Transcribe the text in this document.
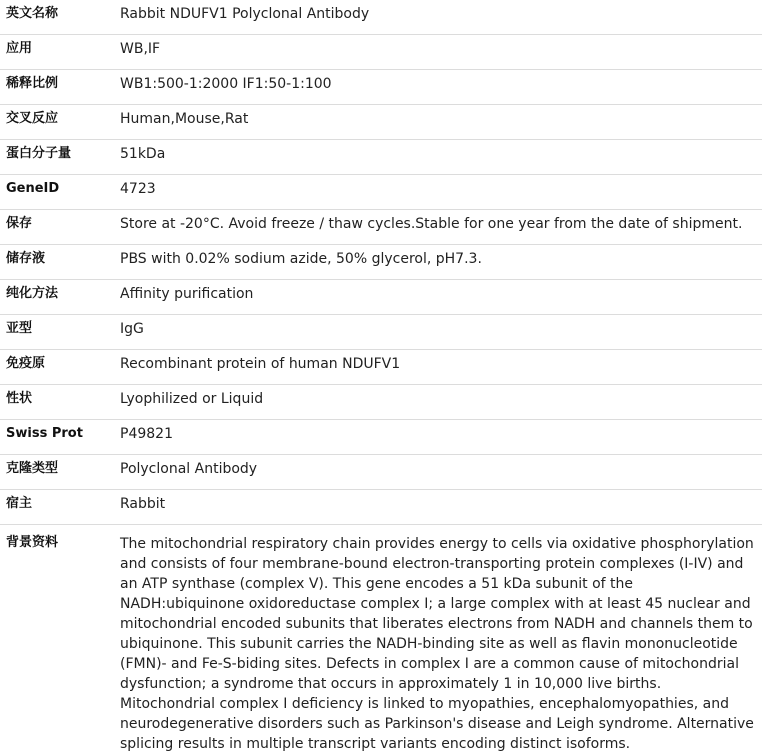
英文名称	Rabbit NDUFV1 Polyclonal Antibody

应用	WB,IF

稀释比例	WB1:500-1:2000 IF1:50-1:100

交叉反应	Human,Mouse,Rat

蛋白分子量	51kDa

GeneID	4723

保存	Store at -20°C. Avoid freeze / thaw cycles.Stable for one year from the date of shipment.

储存液	PBS with 0.02% sodium azide, 50% glycerol, pH7.3.

纯化方法	Affinity purification

亚型	IgG

免疫原	Recombinant protein of human NDUFV1

性状	Lyophilized or Liquid

Swiss Prot	P49821

克隆类型	Polyclonal Antibody

宿主	Rabbit

背景资料	The mitochondrial respiratory chain provides energy to cells via oxidative phosphorylation and consists of four membrane-bound electron-transporting protein complexes (I-IV) and an ATP synthase (complex V). This gene encodes a 51 kDa subunit of the NADH:ubiquinone oxidoreductase complex I; a large complex with at least 45 nuclear and mitochondrial encoded subunits that liberates electrons from NADH and channels them to ubiquinone. This subunit carries the NADH-binding site as well as flavin mononucleotide (FMN)- and Fe-S-biding sites. Defects in complex I are a common cause of mitochondrial dysfunction; a syndrome that occurs in approximately 1 in 10,000 live births. Mitochondrial complex I deficiency is linked to myopathies, encephalomyopathies, and neurodegenerative disorders such as Parkinson's disease and Leigh syndrome. Alternative splicing results in multiple transcript variants encoding distinct isoforms.
